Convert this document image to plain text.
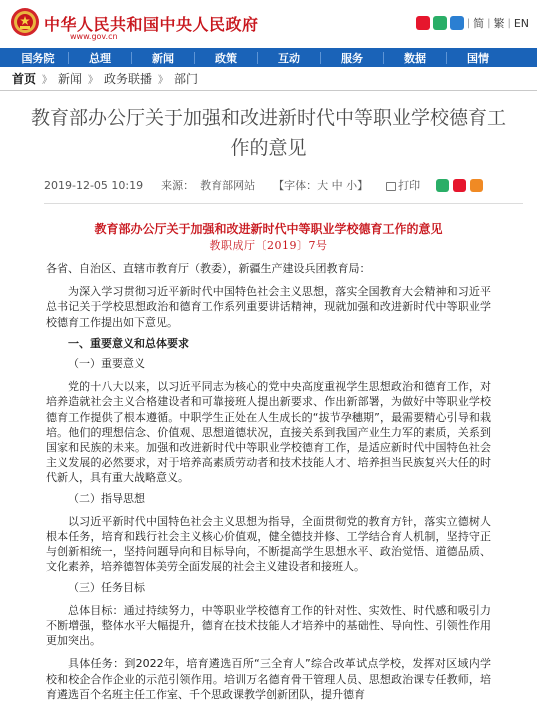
中华人民共和国中央人民政府
www.gov.cn
| 简 | 繁 | EN
国务院	总理	新闻	政策	互动	服务	数据	国情
首页 》 新闻 》 政务联播 》 部门
教育部办公厅关于加强和改进新时代中等职业学校德育工作的意见
2019-12-05 10:19 来源： 教育部网站 【字体：大 中 小】	打印
教育部办公厅关于加强和改进新时代中等职业学校德育工作的意见
教职成厅〔2019〕7号

各省、自治区、直辖市教育厅（教委），新疆生产建设兵团教育局：

为深入学习贯彻习近平新时代中国特色社会主义思想，落实全国教育大会精神和习近平总书记关于学校思想政治和德育工作系列重要讲话精神，现就加强和改进新时代中等职业学校德育工作提出如下意见。

一、重要意义和总体要求

（一）重要意义

党的十八大以来，以习近平同志为核心的党中央高度重视学生思想政治和德育工作，对培养造就社会主义合格建设者和可靠接班人提出新要求、作出新部署，为做好中等职业学校德育工作提供了根本遵循。中职学生正处在人生成长的“拔节孕穗期”，最需要精心引导和栽培。他们的理想信念、价值观、思想道德状况，直接关系到我国产业生力军的素质，关系到国家和民族的未来。加强和改进新时代中等职业学校德育工作，是适应新时代中国特色社会主义发展的必然要求，对于培养高素质劳动者和技术技能人才、培养担当民族复兴大任的时代新人，具有重大战略意义。

（二）指导思想

以习近平新时代中国特色社会主义思想为指导，全面贯彻党的教育方针，落实立德树人根本任务，培育和践行社会主义核心价值观，健全德技并修、工学结合育人机制，坚持守正与创新相统一，坚持问题导向和目标导向，不断提高学生思想水平、政治觉悟、道德品质、文化素养，培养德智体美劳全面发展的社会主义建设者和接班人。

（三）任务目标

总体目标：通过持续努力，中等职业学校德育工作的针对性、实效性、时代感和吸引力不断增强，整体水平大幅提升，德育在技术技能人才培养中的基础性、导向性、引领性作用更加突出。

具体任务：到2022年，培育遴选百所“三全育人”综合改革试点学校，发挥对区域内学校和校企合作企业的示范引领作用。培训万名德育骨干管理人员、思想政治课专任教师，培育遴选百个名班主任工作室、千个思政课教学创新团队，提升德育
